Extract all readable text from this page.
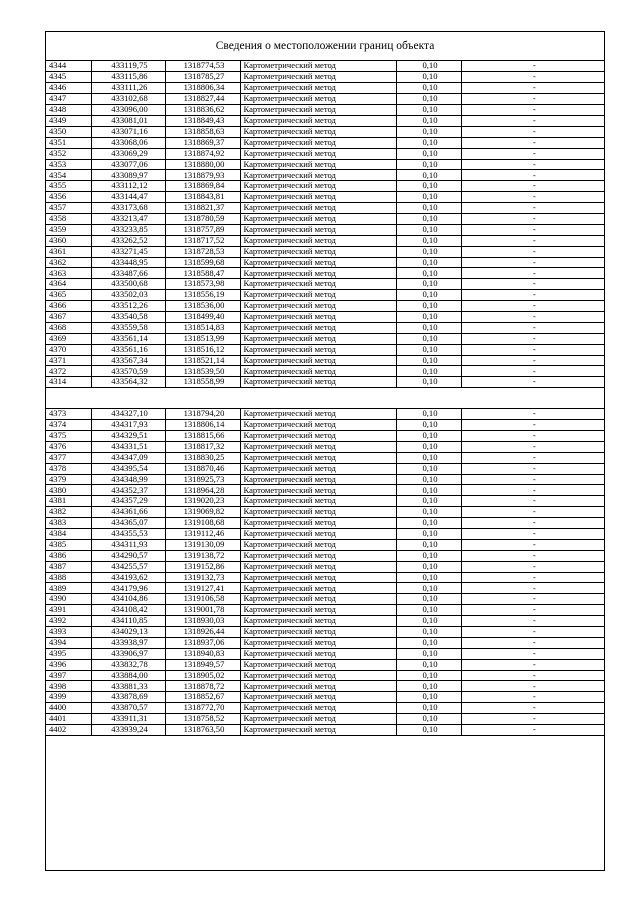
Сведения о местоположении границ объекта
4344	433119,75	1318774,53	Картометрический метод	0,10	-
4345	433115,86	1318785,27	Картометрический метод	0,10	-
4346	433111,26	1318806,34	Картометрический метод	0,10	-
4347	433102,68	1318827,44	Картометрический метод	0,10	-
4348	433096,00	1318836,62	Картометрический метод	0,10	-
4349	433081,01	1318849,43	Картометрический метод	0,10	-
4350	433071,16	1318858,63	Картометрический метод	0,10	-
4351	433068,06	1318869,37	Картометрический метод	0,10	-
4352	433069,29	1318874,92	Картометрический метод	0,10	-
4353	433077,06	1318880,00	Картометрический метод	0,10	-
4354	433089,97	1318879,93	Картометрический метод	0,10	-
4355	433112,12	1318869,84	Картометрический метод	0,10	-
4356	433144,47	1318843,81	Картометрический метод	0,10	-
4357	433173,68	1318821,37	Картометрический метод	0,10	-
4358	433213,47	1318780,59	Картометрический метод	0,10	-
4359	433233,85	1318757,89	Картометрический метод	0,10	-
4360	433262,52	1318717,52	Картометрический метод	0,10	-
4361	433271,45	1318728,53	Картометрический метод	0,10	-
4362	433448,95	1318599,68	Картометрический метод	0,10	-
4363	433487,66	1318588,47	Картометрический метод	0,10	-
4364	433500,68	1318573,98	Картометрический метод	0,10	-
4365	433502,03	1318556,19	Картометрический метод	0,10	-
4366	433512,26	1318536,00	Картометрический метод	0,10	-
4367	433540,58	1318499,40	Картометрический метод	0,10	-
4368	433559,58	1318514,83	Картометрический метод	0,10	-
4369	433561,14	1318513,99	Картометрический метод	0,10	-
4370	433561,16	1318516,12	Картометрический метод	0,10	-
4371	433567,34	1318521,14	Картометрический метод	0,10	-
4372	433570,59	1318539,50	Картометрический метод	0,10	-
4314	433564,32	1318558,99	Картометрический метод	0,10	-
4373	434327,10	1318794,20	Картометрический метод	0,10	-
4374	434317,93	1318806,14	Картометрический метод	0,10	-
4375	434329,51	1318815,66	Картометрический метод	0,10	-
4376	434331,51	1318817,32	Картометрический метод	0,10	-
4377	434347,09	1318830,25	Картометрический метод	0,10	-
4378	434395,54	1318870,46	Картометрический метод	0,10	-
4379	434348,99	1318925,73	Картометрический метод	0,10	-
4380	434352,37	1318964,28	Картометрический метод	0,10	-
4381	434357,29	1319020,23	Картометрический метод	0,10	-
4382	434361,66	1319069,82	Картометрический метод	0,10	-
4383	434365,07	1319108,68	Картометрический метод	0,10	-
4384	434355,53	1319112,46	Картометрический метод	0,10	-
4385	434311,93	1319130,09	Картометрический метод	0,10	-
4386	434290,57	1319138,72	Картометрический метод	0,10	-
4387	434255,57	1319152,86	Картометрический метод	0,10	-
4388	434193,62	1319132,73	Картометрический метод	0,10	-
4389	434179,96	1319127,41	Картометрический метод	0,10	-
4390	434104,86	1319106,58	Картометрический метод	0,10	-
4391	434108,42	1319001,78	Картометрический метод	0,10	-
4392	434110,85	1318930,03	Картометрический метод	0,10	-
4393	434029,13	1318926,44	Картометрический метод	0,10	-
4394	433938,97	1318937,06	Картометрический метод	0,10	-
4395	433906,97	1318940,83	Картометрический метод	0,10	-
4396	433832,78	1318949,57	Картометрический метод	0,10	-
4397	433884,00	1318905,02	Картометрический метод	0,10	-
4398	433881,33	1318878,72	Картометрический метод	0,10	-
4399	433878,69	1318852,67	Картометрический метод	0,10	-
4400	433870,57	1318772,70	Картометрический метод	0,10	-
4401	433911,31	1318758,52	Картометрический метод	0,10	-
4402	433939,24	1318763,50	Картометрический метод	0,10	-
